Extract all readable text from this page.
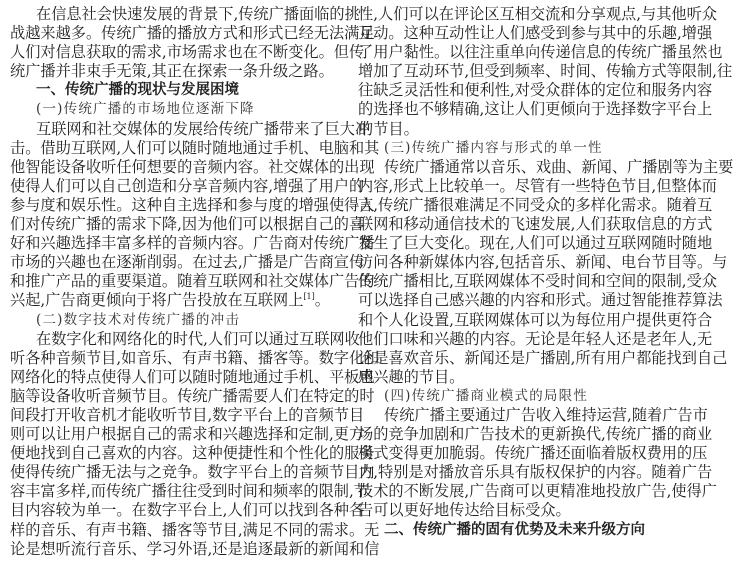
在信息社会快速发展的背景下,传统广播面临的挑
战越来越多。传统广播的播放方式和形式已经无法满足
人们对信息获取的需求,市场需求也在不断变化。但传
统广播并非束手无策,其正在探索一条升级之路。
一、传统广播的现状与发展困境
(一)传统广播的市场地位逐渐下降
互联网和社交媒体的发展给传统广播带来了巨大冲
击。借助互联网,人们可以随时随地通过手机、电脑和其
他智能设备收听任何想要的音频内容。社交媒体的出现
使得人们可以自己创造和分享音频内容,增强了用户的
参与度和娱乐性。这种自主选择和参与度的增强使得人
们对传统广播的需求下降,因为他们可以根据自己的喜
好和兴趣选择丰富多样的音频内容。广告商对传统广播
市场的兴趣也在逐渐削弱。在过去,广播是广告商宣传
和推广产品的重要渠道。随着互联网和社交媒体广告的
兴起,广告商更倾向于将广告投放在互联网上[1]。
(二)数字技术对传统广播的冲击
在数字化和网络化的时代,人们可以通过互联网收
听各种音频节目,如音乐、有声书籍、播客等。数字化和
网络化的特点使得人们可以随时随地通过手机、平板电
脑等设备收听音频节目。传统广播需要人们在特定的时
间段打开收音机才能收听节目,数字平台上的音频节目
则可以让用户根据自己的需求和兴趣选择和定制,更方
便地找到自己喜欢的内容。这种便捷性和个性化的服务
使得传统广播无法与之竞争。数字平台上的音频节目内
容丰富多样,而传统广播往往受到时间和频率的限制,节
目内容较为单一。在数字平台上,人们可以找到各种各
样的音乐、有声书籍、播客等节目,满足不同的需求。无
论是想听流行音乐、学习外语,还是追逐最新的新闻和信
性,人们可以在评论区互相交流和分享观点,与其他听众
互动。这种互动性让人们感受到参与其中的乐趣,增强
了用户黏性。以往注重单向传递信息的传统广播虽然也
增加了互动环节,但受到频率、时间、传输方式等限制,往
往缺乏灵活性和便利性,对受众群体的定位和服务内容
的选择也不够精确,这让人们更倾向于选择数字平台上
的节目。
(三)传统广播内容与形式的单一性
传统广播通常以音乐、戏曲、新闻、广播剧等为主要
内容,形式上比较单一。尽管有一些特色节目,但整体而
言,传统广播很难满足不同受众的多样化需求。随着互
联网和移动通信技术的飞速发展,人们获取信息的方式
发生了巨大变化。现在,人们可以通过互联网随时随地
访问各种新媒体内容,包括音乐、新闻、电台节目等。与
传统广播相比,互联网媒体不受时间和空间的限制,受众
可以选择自己感兴趣的内容和形式。通过智能推荐算法
和个人化设置,互联网媒体可以为每位用户提供更符合
他们口味和兴趣的内容。无论是年轻人还是老年人,无
论是喜欢音乐、新闻还是广播剧,所有用户都能找到自己
感兴趣的节目。
(四)传统广播商业模式的局限性
传统广播主要通过广告收入维持运营,随着广告市
场的竞争加剧和广告技术的更新换代,传统广播的商业
模式变得更加脆弱。传统广播还面临着版权费用的压
力,特别是对播放音乐具有版权保护的内容。随着广告
技术的不断发展,广告商可以更精准地投放广告,使得广
告可以更好地传达给目标受众。
二、传统广播的固有优势及未来升级方向
